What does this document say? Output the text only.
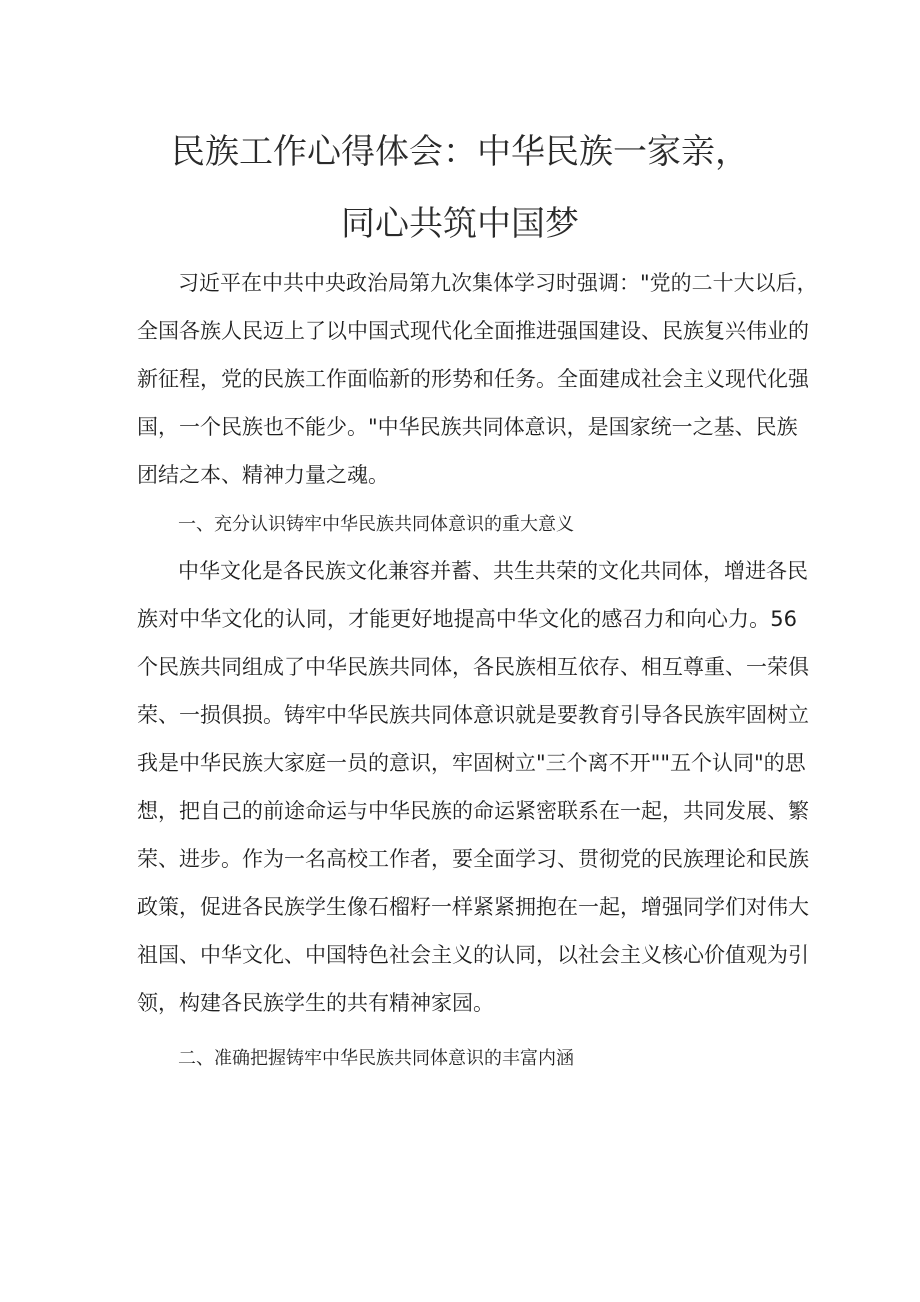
民族工作心得体会：中华民族一家亲，
同心共筑中国梦
习近平在中共中央政治局第九次集体学习时强调："党的二十大以后，
全国各族人民迈上了以中国式现代化全面推进强国建设、民族复兴伟业的
新征程，党的民族工作面临新的形势和任务。全面建成社会主义现代化强
国，一个民族也不能少。"中华民族共同体意识，是国家统一之基、民族
团结之本、精神力量之魂。
一、充分认识铸牢中华民族共同体意识的重大意义
中华文化是各民族文化兼容并蓄、共生共荣的文化共同体，增进各民
族对中华文化的认同，才能更好地提高中华文化的感召力和向心力。56
个民族共同组成了中华民族共同体，各民族相互依存、相互尊重、一荣俱
荣、一损俱损。铸牢中华民族共同体意识就是要教育引导各民族牢固树立
我是中华民族大家庭一员的意识，牢固树立"三个离不开""五个认同"的思
想，把自己的前途命运与中华民族的命运紧密联系在一起，共同发展、繁
荣、进步。作为一名高校工作者，要全面学习、贯彻党的民族理论和民族
政策，促进各民族学生像石榴籽一样紧紧拥抱在一起，增强同学们对伟大
祖国、中华文化、中国特色社会主义的认同，以社会主义核心价值观为引
领，构建各民族学生的共有精神家园。
二、准确把握铸牢中华民族共同体意识的丰富内涵
